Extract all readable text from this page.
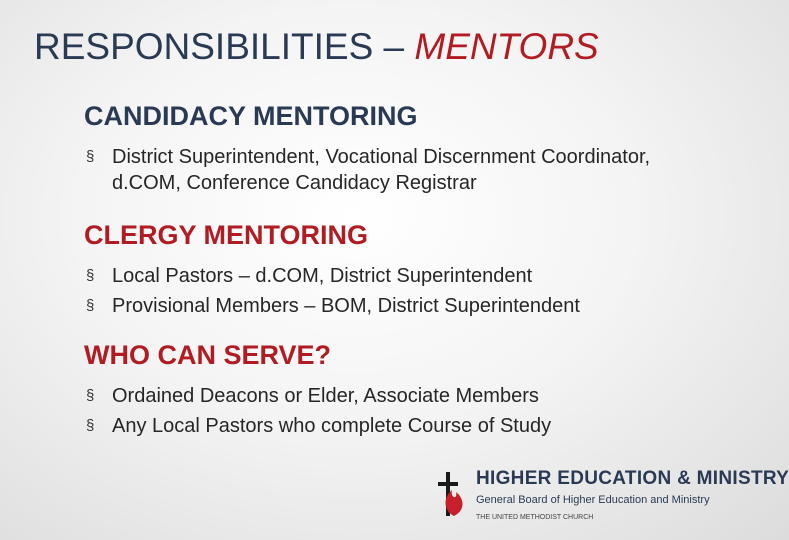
RESPONSIBILITIES – MENTORS
CANDIDACY MENTORING
§ District Superintendent, Vocational Discernment Coordinator, d.COM, Conference Candidacy Registrar
CLERGY MENTORING
§ Local Pastors – d.COM, District Superintendent
§ Provisional Members – BOM, District Superintendent
WHO CAN SERVE?
§ Ordained Deacons or Elder, Associate Members
§ Any Local Pastors who complete Course of Study
HIGHER EDUCATION & MINISTRY
General Board of Higher Education and Ministry
THE UNITED METHODIST CHURCH
